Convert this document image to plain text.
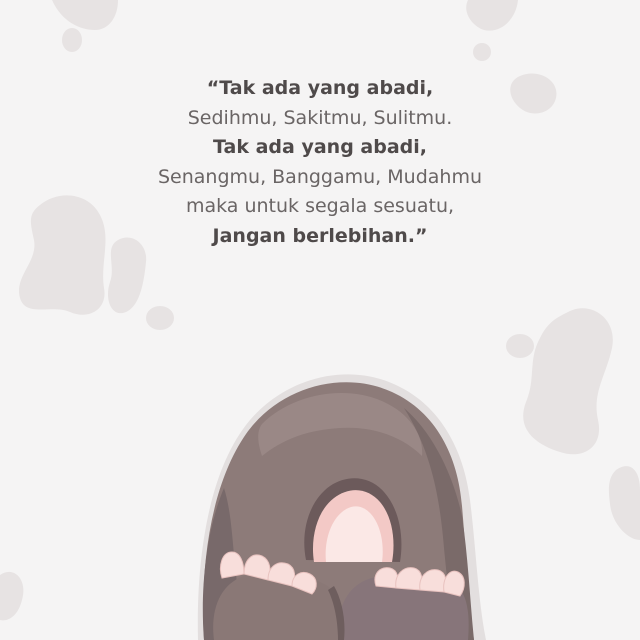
“Tak ada yang abadi,
Sedihmu, Sakitmu, Sulitmu.
Tak ada yang abadi,
Senangmu, Banggamu, Mudahmu
maka untuk segala sesuatu,
Jangan berlebihan.”
